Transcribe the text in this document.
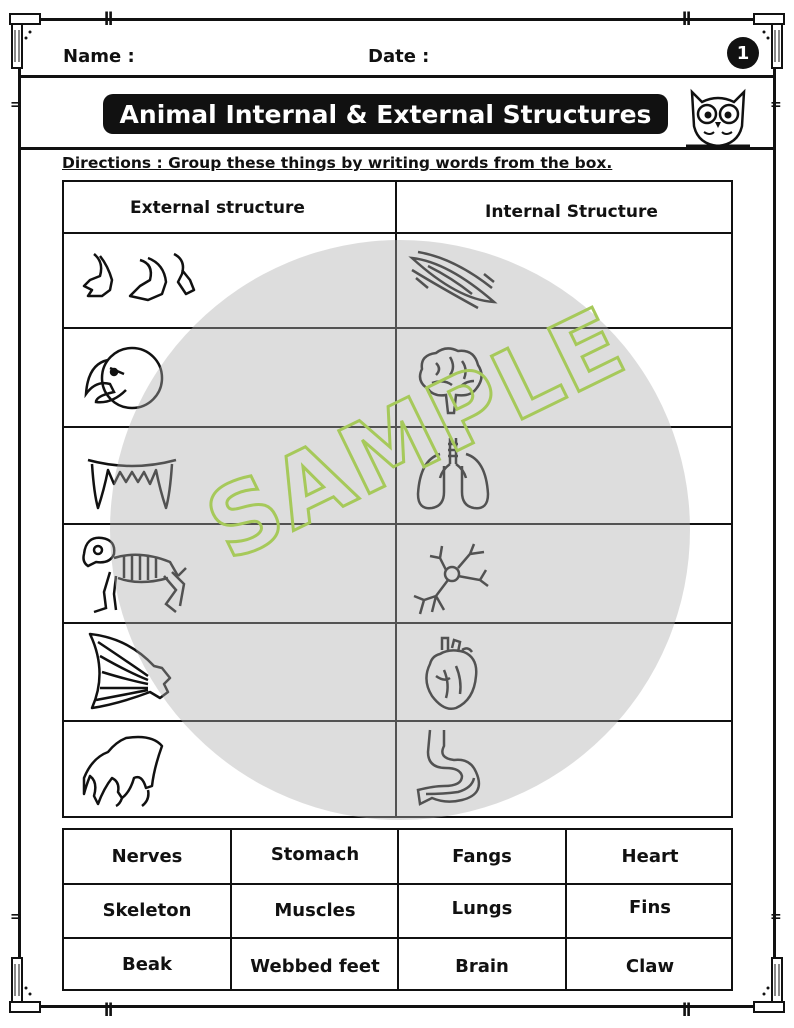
ǁ	ǁ
ǁ	ǁ
=	=
=	=
Name :	Date :	1
Animal Internal & External Structures
Directions : Group these things by writing words from the box.
External structure	Internal Structure
SAMPLE
Nerves	Stomach	Fangs	Heart
Skeleton	Muscles	Lungs	Fins
Beak	Webbed feet	Brain	Claw
